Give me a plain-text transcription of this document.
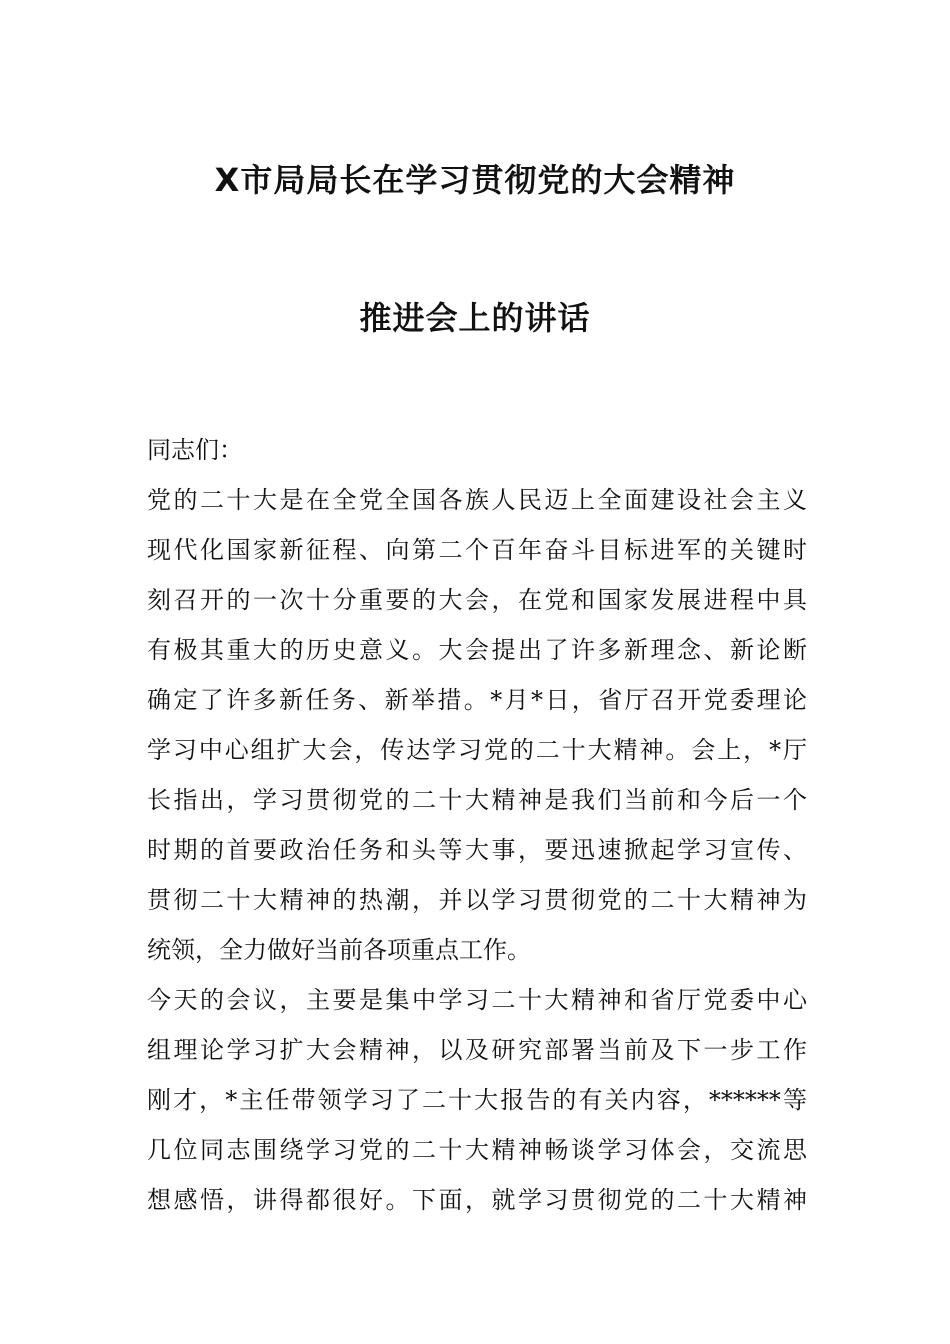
X市局局长在学习贯彻党的大会精神
推进会上的讲话
同志们：
党的二十大是在全党全国各族人民迈上全面建设社会主义
现代化国家新征程、向第二个百年奋斗目标进军的关键时
刻召开的一次十分重要的大会，在党和国家发展进程中具
有极其重大的历史意义。大会提出了许多新理念、新论断
确定了许多新任务、新举措。*月*日，省厅召开党委理论
学习中心组扩大会，传达学习党的二十大精神。会上，*厅
长指出，学习贯彻党的二十大精神是我们当前和今后一个
时期的首要政治任务和头等大事，要迅速掀起学习宣传、
贯彻二十大精神的热潮，并以学习贯彻党的二十大精神为
统领，全力做好当前各项重点工作。
今天的会议，主要是集中学习二十大精神和省厅党委中心
组理论学习扩大会精神，以及研究部署当前及下一步工作
刚才，*主任带领学习了二十大报告的有关内容，******等
几位同志围绕学习党的二十大精神畅谈学习体会，交流思
想感悟，讲得都很好。下面，就学习贯彻党的二十大精神
